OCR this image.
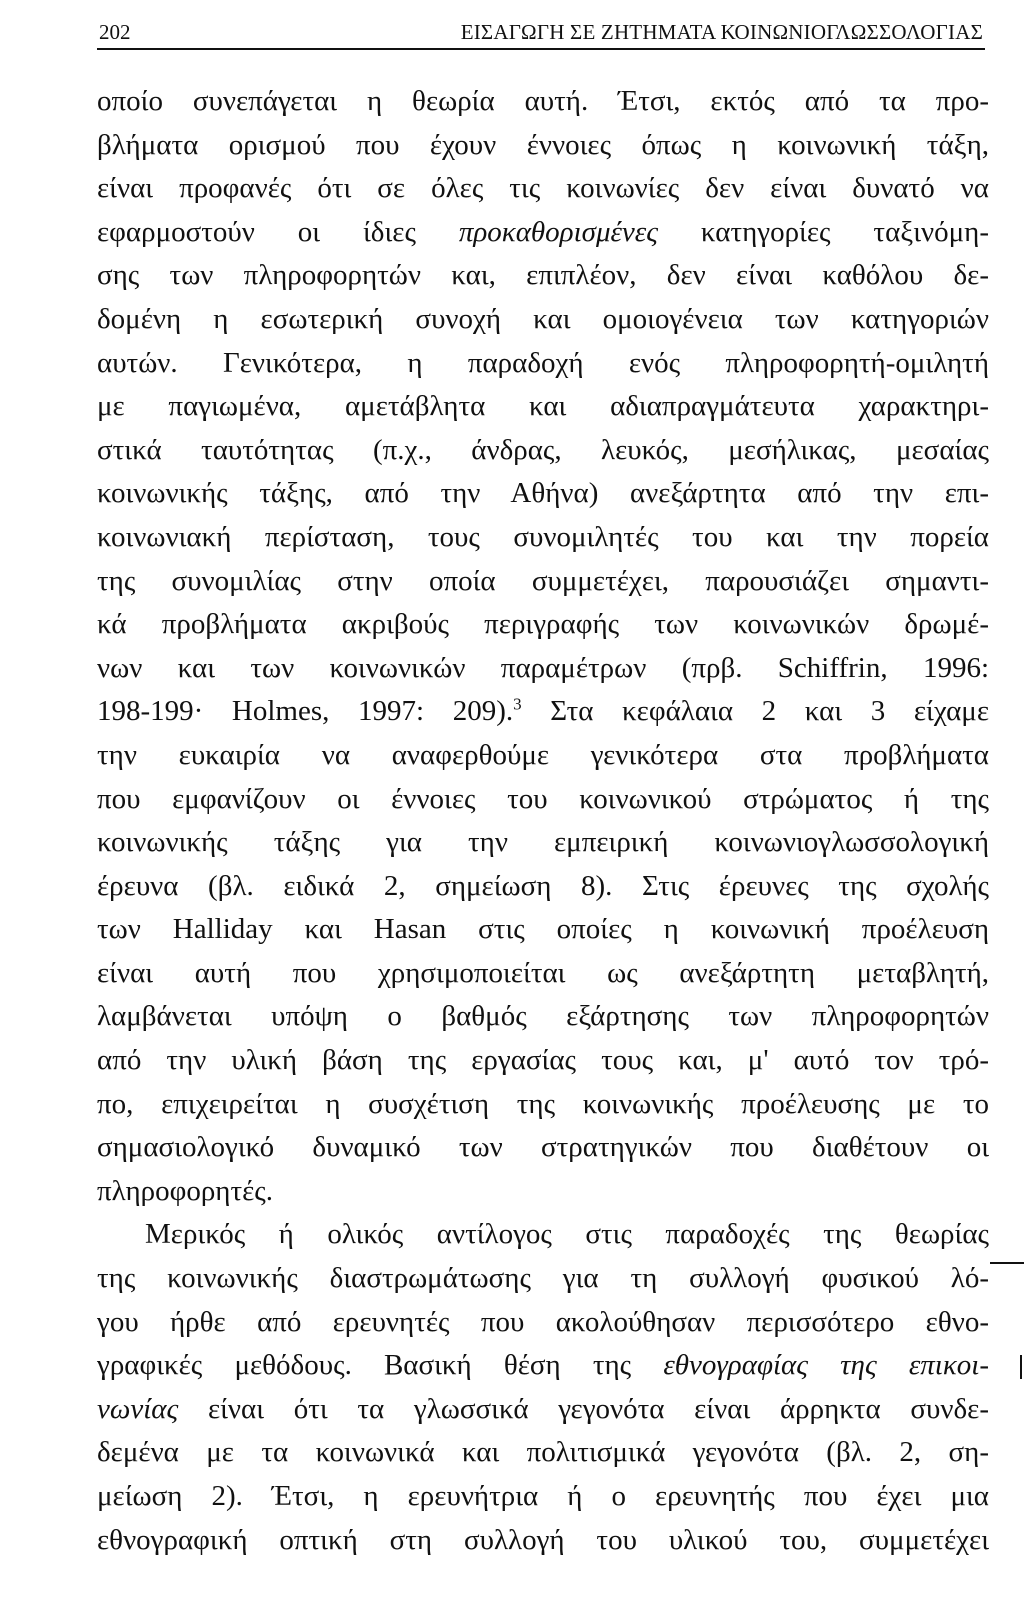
202	ΕΙΣΑΓΩΓΗ ΣΕ ΖΗΤΗΜΑΤΑ ΚΟΙΝΩΝΙΟΓΛΩΣΣΟΛΟΓΙΑΣ
οποίο συνεπάγεται η θεωρία αυτή. Έτσι, εκτός από τα προ-
βλήματα ορισμού που έχουν έννοιες όπως η κοινωνική τάξη,
είναι προφανές ότι σε όλες τις κοινωνίες δεν είναι δυνατό να
εφαρμοστούν οι ίδιες προκαθορισμένες κατηγορίες ταξινόμη-
σης των πληροφορητών και, επιπλέον, δεν είναι καθόλου δε-
δομένη η εσωτερική συνοχή και ομοιογένεια των κατηγοριών
αυτών. Γενικότερα, η παραδοχή ενός πληροφορητή-ομιλητή
με παγιωμένα, αμετάβλητα και αδιαπραγμάτευτα χαρακτηρι-
στικά ταυτότητας (π.χ., άνδρας, λευκός, μεσήλικας, μεσαίας
κοινωνικής τάξης, από την Αθήνα) ανεξάρτητα από την επι-
κοινωνιακή περίσταση, τους συνομιλητές του και την πορεία
της συνομιλίας στην οποία συμμετέχει, παρουσιάζει σημαντι-
κά προβλήματα ακριβούς περιγραφής των κοινωνικών δρωμέ-
νων και των κοινωνικών παραμέτρων (πρβ. Schiffrin, 1996:
198-199· Holmes, 1997: 209).$^3$ Στα κεφάλαια 2 και 3 είχαμε
την ευκαιρία να αναφερθούμε γενικότερα στα προβλήματα
που εμφανίζουν οι έννοιες του κοινωνικού στρώματος ή της
κοινωνικής τάξης για την εμπειρική κοινωνιογλωσσολογική
έρευνα (βλ. ειδικά 2, σημείωση 8). Στις έρευνες της σχολής
των Halliday και Hasan στις οποίες η κοινωνική προέλευση
είναι αυτή που χρησιμοποιείται ως ανεξάρτητη μεταβλητή,
λαμβάνεται υπόψη ο βαθμός εξάρτησης των πληροφορητών
από την υλική βάση της εργασίας τους και, μ' αυτό τον τρό-
πο, επιχειρείται η συσχέτιση της κοινωνικής προέλευσης με το
σημασιολογικό δυναμικό των στρατηγικών που διαθέτουν οι
πληροφορητές.
Μερικός ή ολικός αντίλογος στις παραδοχές της θεωρίας
της κοινωνικής διαστρωμάτωσης για τη συλλογή φυσικού λό-
γου ήρθε από ερευνητές που ακολούθησαν περισσότερο εθνο-
γραφικές μεθόδους. Βασική θέση της εθνογραφίας της επικοι-
νωνίας είναι ότι τα γλωσσικά γεγονότα είναι άρρηκτα συνδε-
δεμένα με τα κοινωνικά και πολιτισμικά γεγονότα (βλ. 2, ση-
μείωση 2). Έτσι, η ερευνήτρια ή ο ερευνητής που έχει μια
εθνογραφική οπτική στη συλλογή του υλικού του, συμμετέχει
